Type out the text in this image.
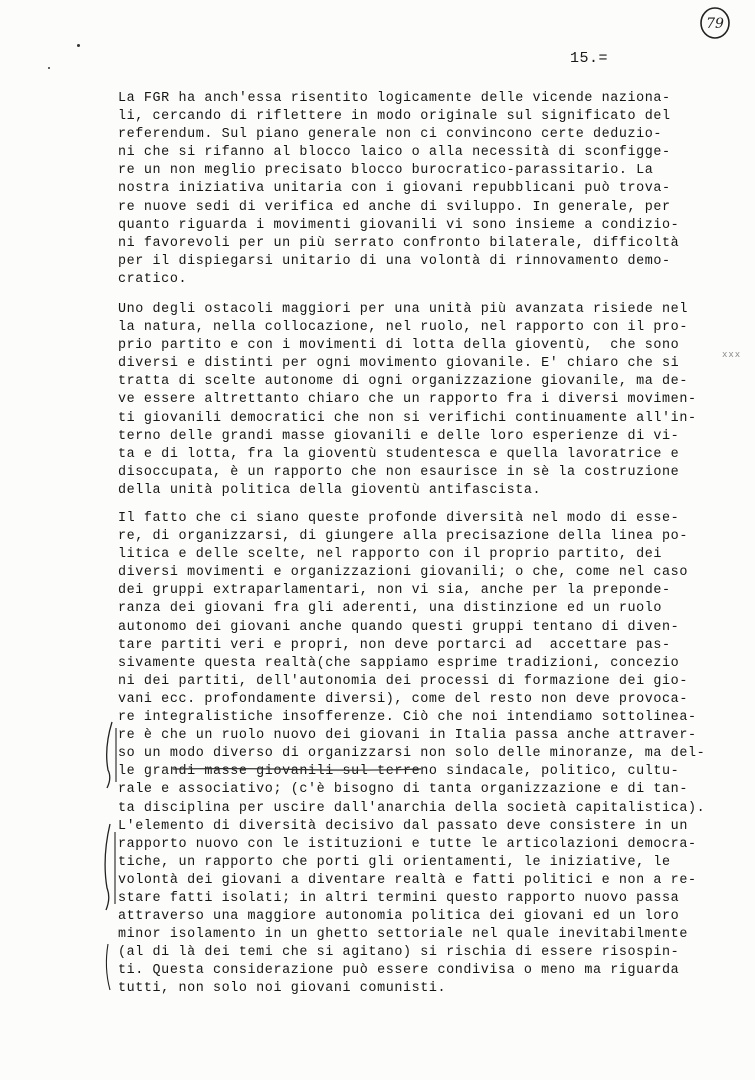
79
15.=
xxx
La FGR ha anch'essa risentito logicamente delle vicende naziona-
li, cercando di riflettere in modo originale sul significato del
referendum. Sul piano generale non ci convincono certe deduzio-
ni che si rifanno al blocco laico o alla necessità di sconfigge-
re un non meglio precisato blocco burocratico-parassitario. La
nostra iniziativa unitaria con i giovani repubblicani può trova-
re nuove sedi di verifica ed anche di sviluppo. In generale, per
quanto riguarda i movimenti giovanili vi sono insieme a condizio-
ni favorevoli per un più serrato confronto bilaterale, difficoltà
per il dispiegarsi unitario di una volontà di rinnovamento demo-
cratico.
Uno degli ostacoli maggiori per una unità più avanzata risiede nel
la natura, nella collocazione, nel ruolo, nel rapporto con il pro-
prio partito e con i movimenti di lotta della gioventù,  che sono
diversi e distinti per ogni movimento giovanile. E' chiaro che si
tratta di scelte autonome di ogni organizzazione giovanile, ma de-
ve essere altrettanto chiaro che un rapporto fra i diversi movimen-
ti giovanili democratici che non si verifichi continuamente all'in-
terno delle grandi masse giovanili e delle loro esperienze di vi-
ta e di lotta, fra la gioventù studentesca e quella lavoratrice e
disoccupata, è un rapporto che non esaurisce in sè la costruzione
della unità politica della gioventù antifascista.
Il fatto che ci siano queste profonde diversità nel modo di esse-
re, di organizzarsi, di giungere alla precisazione della linea po-
litica e delle scelte, nel rapporto con il proprio partito, dei
diversi movimenti e organizzazioni giovanili; o che, come nel caso
dei gruppi extraparlamentari, non vi sia, anche per la preponde-
ranza dei giovani fra gli aderenti, una distinzione ed un ruolo
autonomo dei giovani anche quando questi gruppi tentano di diven-
tare partiti veri e propri, non deve portarci ad  accettare pas-
sivamente questa realtà(che sappiamo esprime tradizioni, concezio
ni dei partiti, dell'autonomia dei processi di formazione dei gio-
vani ecc. profondamente diversi), come del resto non deve provoca-
re integralistiche insofferenze. Ciò che noi intendiamo sottolinea-
re è che un ruolo nuovo dei giovani in Italia passa anche attraver-
so un modo diverso di organizzarsi non solo delle minoranze, ma del-
le grandi masse giovanili sul terreno sindacale, politico, cultu-
rale e associativo; (c'è bisogno di tanta organizzazione e di tan-
ta disciplina per uscire dall'anarchia della società capitalistica).
L'elemento di diversità decisivo dal passato deve consistere in un
rapporto nuovo con le istituzioni e tutte le articolazioni democra-
tiche, un rapporto che porti gli orientamenti, le iniziative, le
volontà dei giovani a diventare realtà e fatti politici e non a re-
stare fatti isolati; in altri termini questo rapporto nuovo passa
attraverso una maggiore autonomia politica dei giovani ed un loro
minor isolamento in un ghetto settoriale nel quale inevitabilmente
(al di là dei temi che si agitano) si rischia di essere risospin-
ti. Questa considerazione può essere condivisa o meno ma riguarda
tutti, non solo noi giovani comunisti.
